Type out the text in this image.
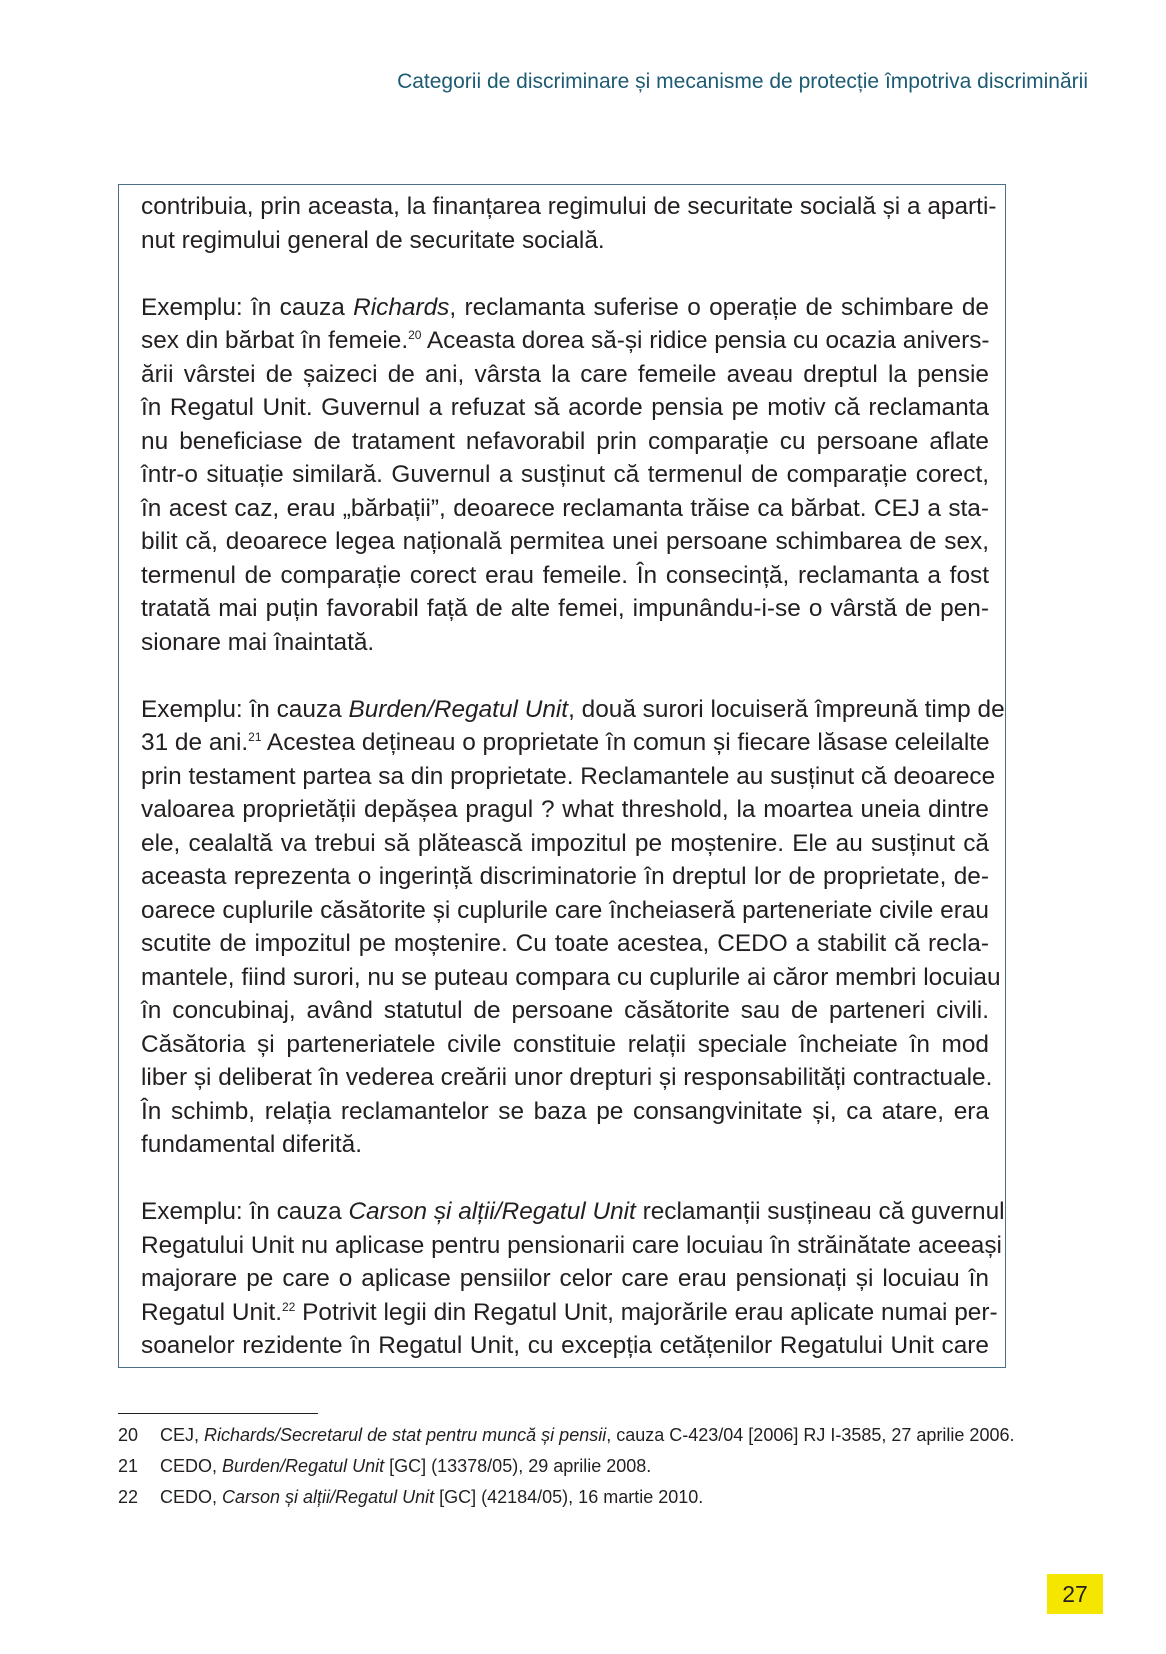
Categorii de discriminare și mecanisme de protecție împotriva discriminării
contribuia, prin aceasta, la finanțarea regimului de securitate socială și a aparti-
nut regimului general de securitate socială.
Exemplu: în cauza Richards, reclamanta suferise o operație de schimbare de
sex din bărbat în femeie.$^{20}$ Aceasta dorea să-și ridice pensia cu ocazia anivers-
ării vârstei de șaizeci de ani, vârsta la care femeile aveau dreptul la pensie
în Regatul Unit. Guvernul a refuzat să acorde pensia pe motiv că reclamanta
nu beneficiase de tratament nefavorabil prin comparație cu persoane aflate
într-o situație similară. Guvernul a susținut că termenul de comparație corect,
în acest caz, erau „bărbații”, deoarece reclamanta trăise ca bărbat. CEJ a sta-
bilit că, deoarece legea națională permitea unei persoane schimbarea de sex,
termenul de comparație corect erau femeile. În consecință, reclamanta a fost
tratată mai puțin favorabil față de alte femei, impunându-i-se o vârstă de pen-
sionare mai înaintată.
Exemplu: în cauza Burden/Regatul Unit, două surori locuiseră împreună timp de
31 de ani.$^{21}$ Acestea dețineau o proprietate în comun și fiecare lăsase celeilalte
prin testament partea sa din proprietate. Reclamantele au susținut că deoarece
valoarea proprietății depășea pragul ? what threshold, la moartea uneia dintre
ele, cealaltă va trebui să plătească impozitul pe moștenire. Ele au susținut că
aceasta reprezenta o ingerință discriminatorie în dreptul lor de proprietate, de-
oarece cuplurile căsătorite și cuplurile care încheiaseră parteneriate civile erau
scutite de impozitul pe moștenire. Cu toate acestea, CEDO a stabilit că recla-
mantele, fiind surori, nu se puteau compara cu cuplurile ai căror membri locuiau
în concubinaj, având statutul de persoane căsătorite sau de parteneri civili.
Căsătoria și parteneriatele civile constituie relații speciale încheiate în mod
liber și deliberat în vederea creării unor drepturi și responsabilități contractuale.
În schimb, relația reclamantelor se baza pe consangvinitate și, ca atare, era
fundamental diferită.
Exemplu: în cauza Carson și alții/Regatul Unit reclamanții susțineau că guvernul
Regatului Unit nu aplicase pentru pensionarii care locuiau în străinătate aceeași
majorare pe care o aplicase pensiilor celor care erau pensionați și locuiau în
Regatul Unit.$^{22}$ Potrivit legii din Regatul Unit, majorările erau aplicate numai per-
soanelor rezidente în Regatul Unit, cu excepția cetățenilor Regatului Unit care
20	CEJ, Richards/Secretarul de stat pentru muncă și pensii, cauza C-423/04 [2006] RJ I-3585, 27 aprilie 2006.
21	CEDO, Burden/Regatul Unit [GC] (13378/05), 29 aprilie 2008.
22	CEDO, Carson și alții/Regatul Unit [GC] (42184/05), 16 martie 2010.
27
